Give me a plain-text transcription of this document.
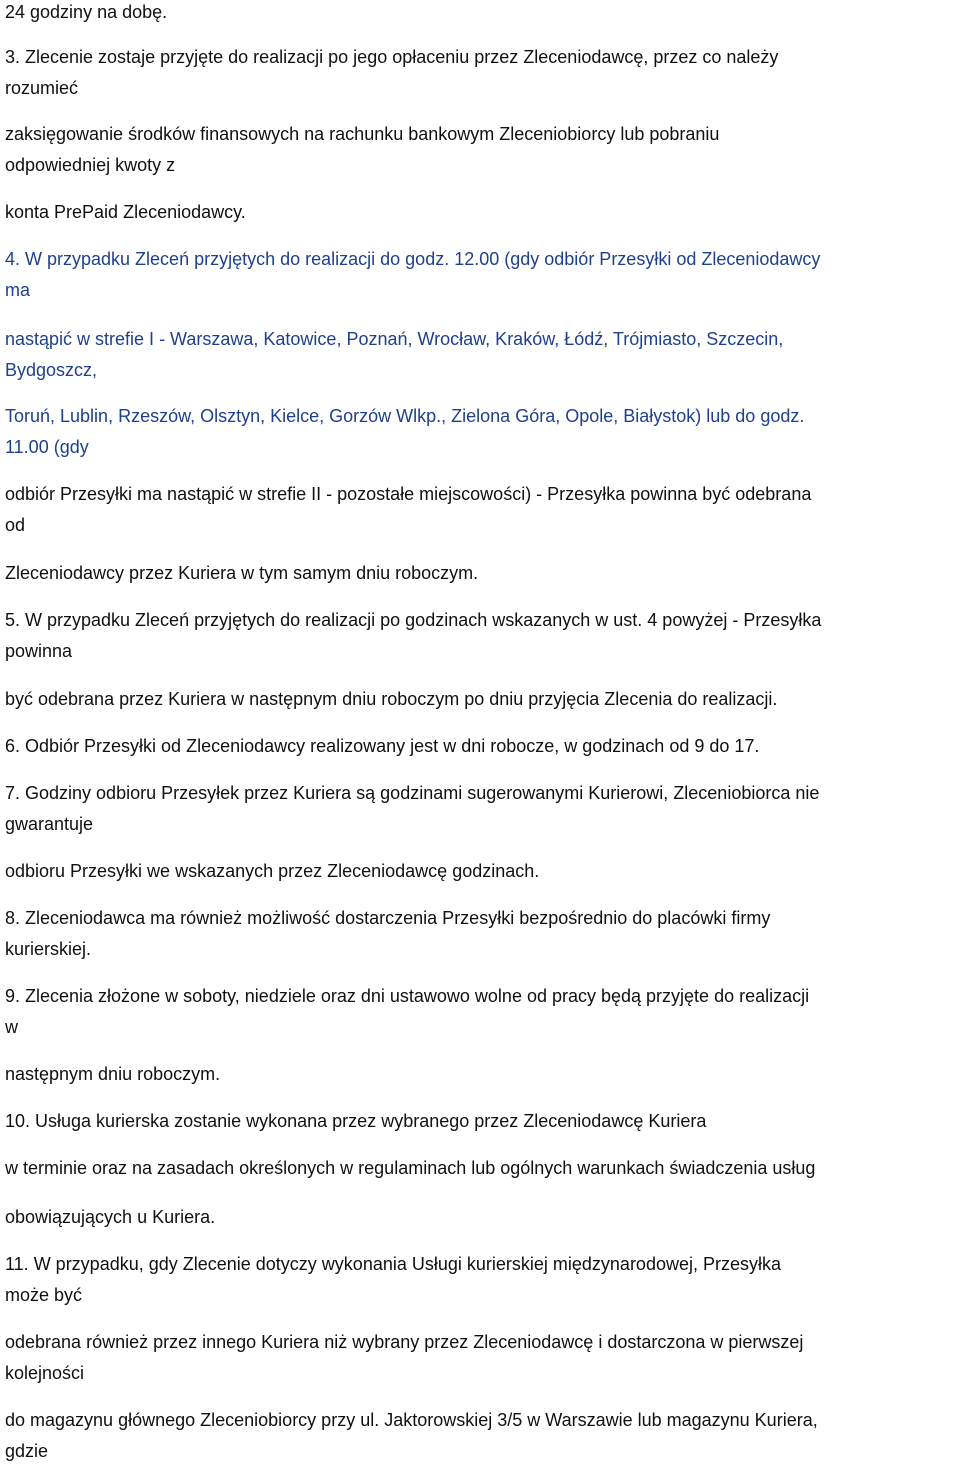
24 godziny na dobę.
3. Zlecenie zostaje przyjęte do realizacji po jego opłaceniu przez Zleceniodawcę, przez co należy
rozumieć
zaksięgowanie środków finansowych na rachunku bankowym Zleceniobiorcy lub pobraniu
odpowiedniej kwoty z
konta PrePaid Zleceniodawcy.
4. W przypadku Zleceń przyjętych do realizacji do godz. 12.00 (gdy odbiór Przesyłki od Zleceniodawcy
ma
nastąpić w strefie I - Warszawa, Katowice, Poznań, Wrocław, Kraków, Łódź, Trójmiasto, Szczecin,
Bydgoszcz,
Toruń, Lublin, Rzeszów, Olsztyn, Kielce, Gorzów Wlkp., Zielona Góra, Opole, Białystok) lub do godz.
11.00 (gdy
odbiór Przesyłki ma nastąpić w strefie II - pozostałe miejscowości) - Przesyłka powinna być odebrana
od
Zleceniodawcy przez Kuriera w tym samym dniu roboczym.
5. W przypadku Zleceń przyjętych do realizacji po godzinach wskazanych w ust. 4 powyżej - Przesyłka
powinna
być odebrana przez Kuriera w następnym dniu roboczym po dniu przyjęcia Zlecenia do realizacji.
6. Odbiór Przesyłki od Zleceniodawcy realizowany jest w dni robocze, w godzinach od 9 do 17.
7. Godziny odbioru Przesyłek przez Kuriera są godzinami sugerowanymi Kurierowi, Zleceniobiorca nie
gwarantuje
odbioru Przesyłki we wskazanych przez Zleceniodawcę godzinach.
8. Zleceniodawca ma również możliwość dostarczenia Przesyłki bezpośrednio do placówki firmy
kurierskiej.
9. Zlecenia złożone w soboty, niedziele oraz dni ustawowo wolne od pracy będą przyjęte do realizacji
w
następnym dniu roboczym.
10. Usługa kurierska zostanie wykonana przez wybranego przez Zleceniodawcę Kuriera
w terminie oraz na zasadach określonych w regulaminach lub ogólnych warunkach świadczenia usług
obowiązujących u Kuriera.
11. W przypadku, gdy Zlecenie dotyczy wykonania Usługi kurierskiej międzynarodowej, Przesyłka
może być
odebrana również przez innego Kuriera niż wybrany przez Zleceniodawcę i dostarczona w pierwszej
kolejności
do magazynu głównego Zleceniobiorcy przy ul. Jaktorowskiej 3/5 w Warszawie lub magazynu Kuriera,
gdzie
